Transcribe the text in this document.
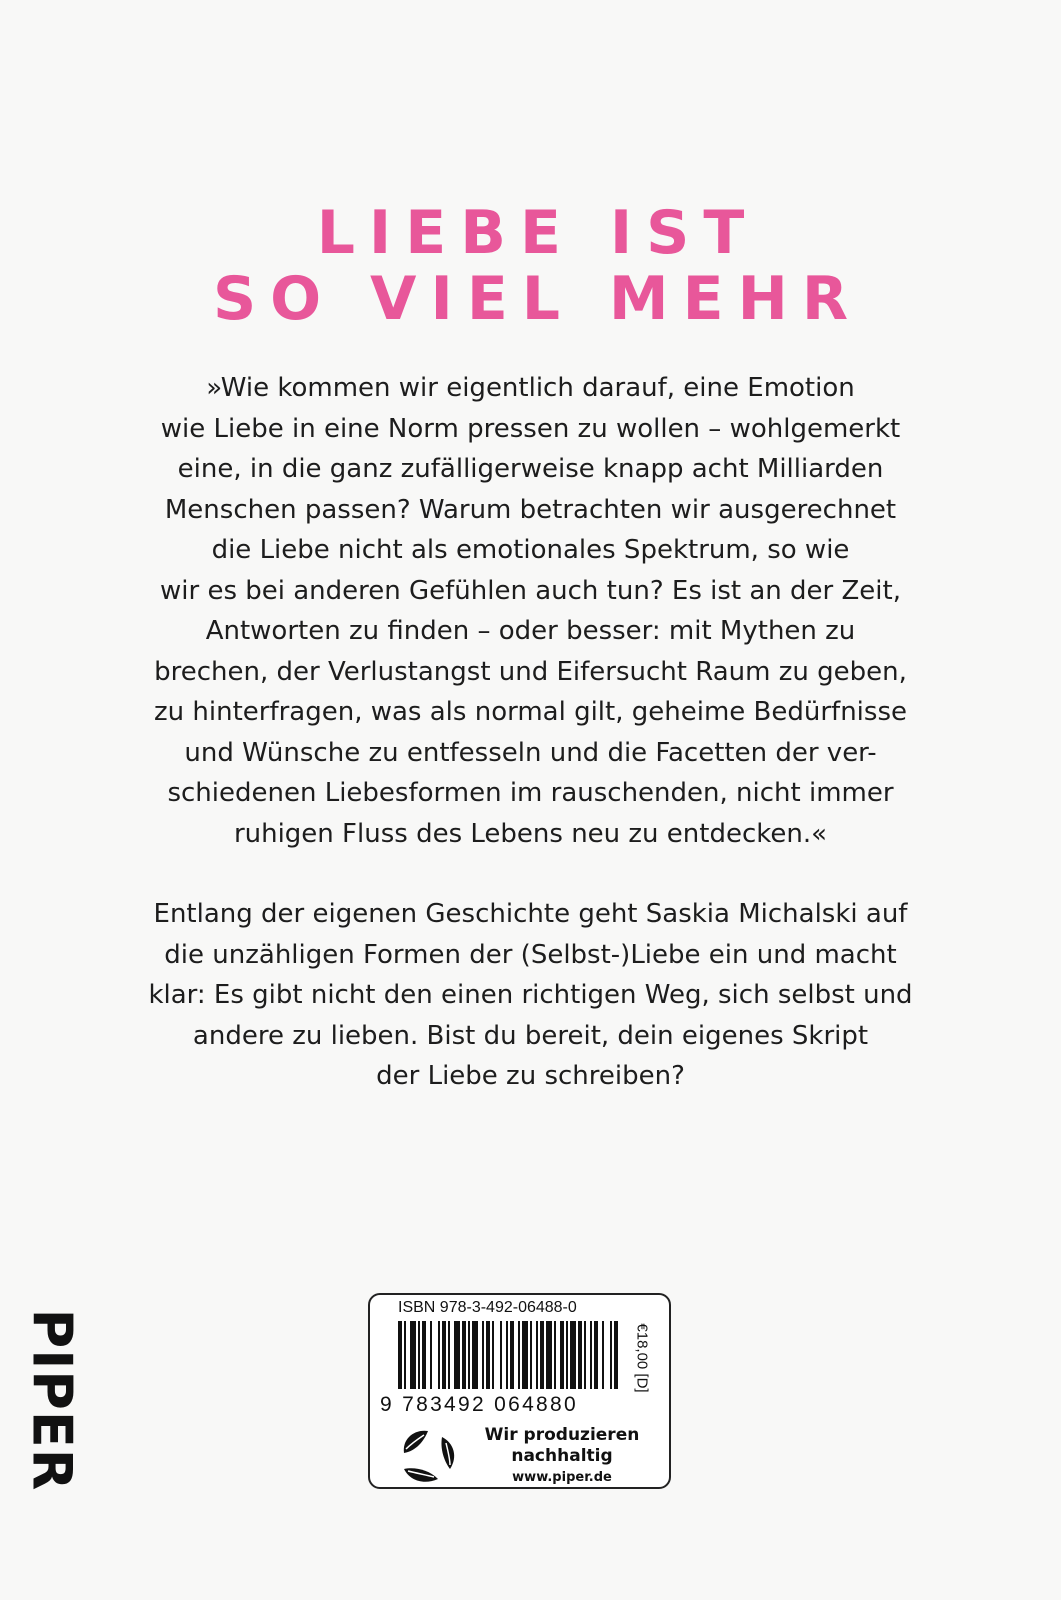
LIEBE IST
SO VIEL MEHR
»Wie kommen wir eigentlich darauf, eine Emotion
wie Liebe in eine Norm pressen zu wollen – wohlgemerkt
eine, in die ganz zufälligerweise knapp acht Milliarden
Menschen passen? Warum betrachten wir ausgerechnet
die Liebe nicht als emotionales Spektrum, so wie
wir es bei anderen Gefühlen auch tun? Es ist an der Zeit,
Antworten zu finden – oder besser: mit Mythen zu
brechen, der Verlustangst und Eifersucht Raum zu geben,
zu hinterfragen, was als normal gilt, geheime Bedürfnisse
und Wünsche zu entfesseln und die Facetten der ver-
schiedenen Liebesformen im rauschenden, nicht immer
ruhigen Fluss des Lebens neu zu entdecken.«
Entlang der eigenen Geschichte geht Saskia Michalski auf
die unzähligen Formen der (Selbst-)Liebe ein und macht
klar: Es gibt nicht den einen richtigen Weg, sich selbst und
andere zu lieben. Bist du bereit, dein eigenes Skript
der Liebe zu schreiben?
PIPER
ISBN 978-3-492-06488-0
9 783492 064880
€18,00 [D]
Wir produzieren
nachhaltig
www.piper.de
